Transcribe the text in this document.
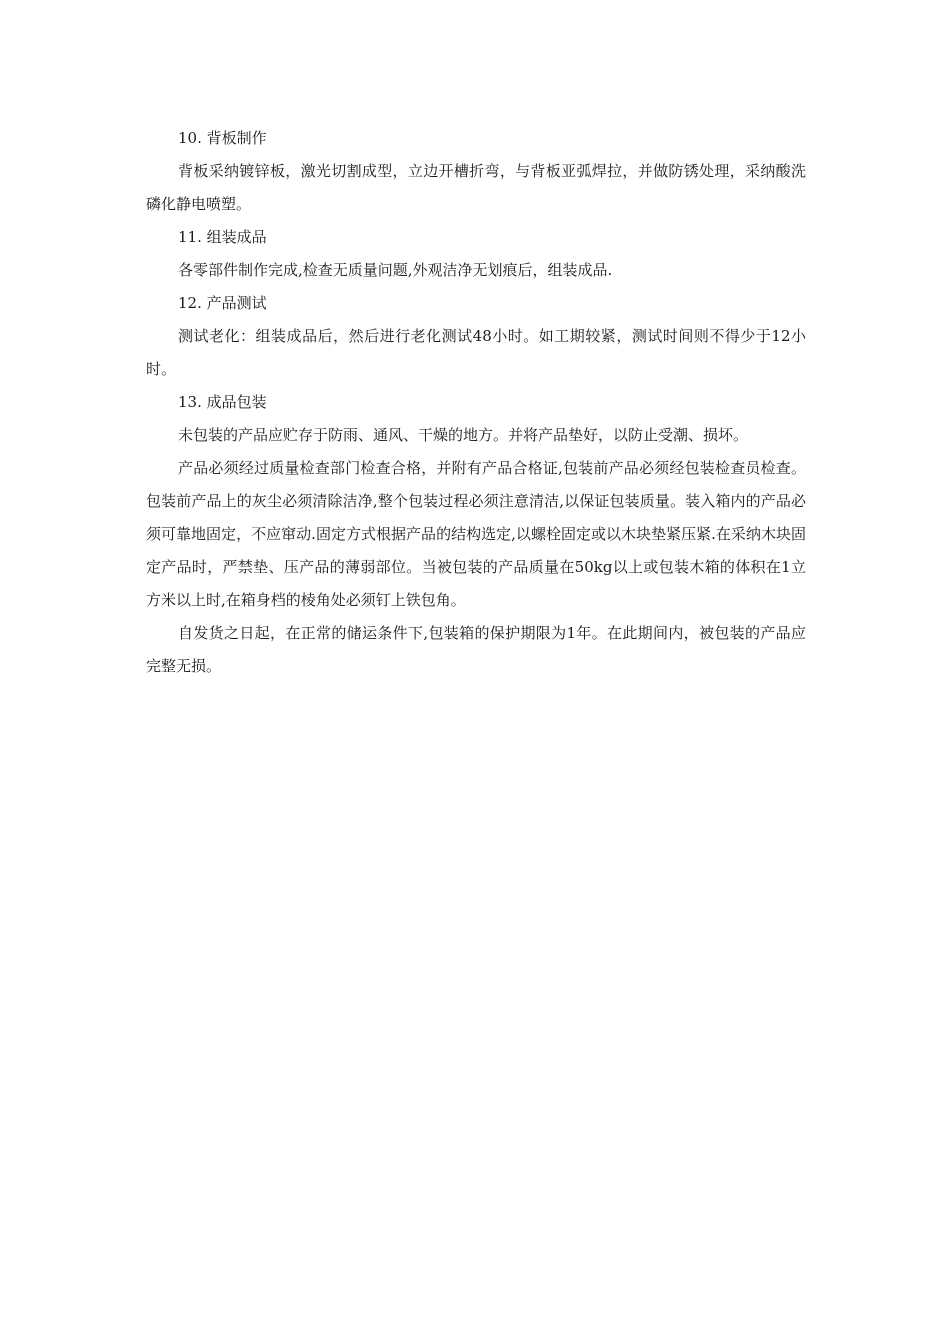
10. 背板制作

背板采纳镀锌板，激光切割成型，立边开槽折弯，与背板亚弧焊拉，并做防锈处理，采纳酸洗磷化静电喷塑。

11. 组装成品

各零部件制作完成,检查无质量问题,外观洁净无划痕后，组装成品.

12. 产品测试

测试老化：组装成品后，然后进行老化测试48小时。如工期较紧，测试时间则不得少于12小时。

13. 成品包装

未包装的产品应贮存于防雨、通风、干燥的地方。并将产品垫好，以防止受潮、损坏。

产品必须经过质量检查部门检查合格，并附有产品合格证,包装前产品必须经包装检查员检查。包装前产品上的灰尘必须清除洁净,整个包装过程必须注意清洁,以保证包装质量。装入箱内的产品必须可靠地固定，不应窜动.固定方式根据产品的结构选定,以螺栓固定或以木块垫紧压紧.在采纳木块固定产品时，严禁垫、压产品的薄弱部位。当被包装的产品质量在50kg以上或包装木箱的体积在1立方米以上时,在箱身档的棱角处必须钉上铁包角。

自发货之日起，在正常的储运条件下,包装箱的保护期限为1年。在此期间内，被包装的产品应完整无损。
